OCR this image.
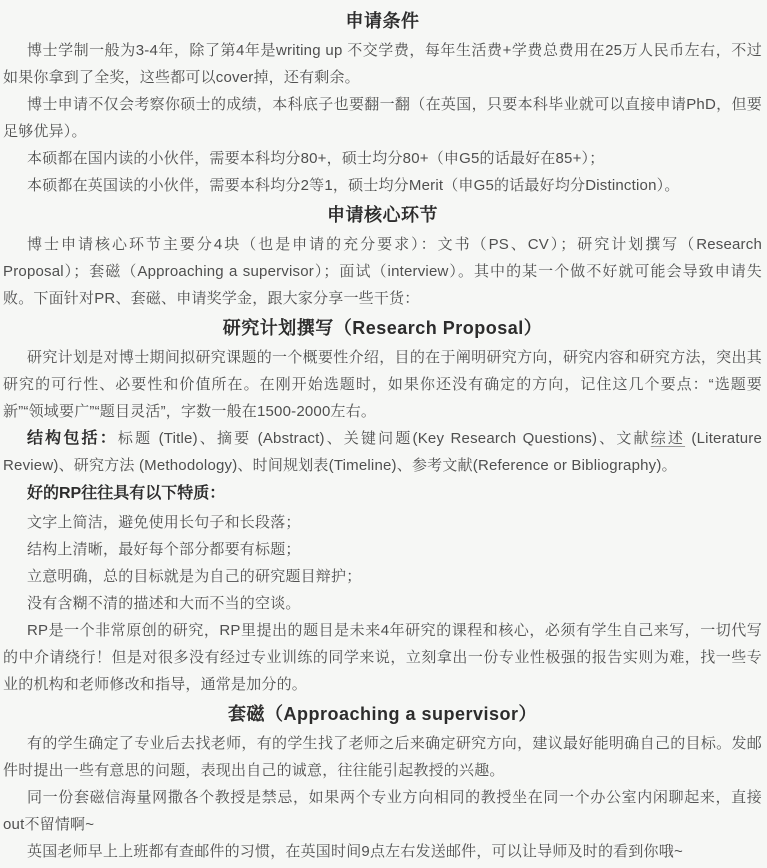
申请条件

博士学制一般为3-4年，除了第4年是writing up 不交学费，每年生活费+学费总费用在25万人民币左右，不过如果你拿到了全奖，这些都可以cover掉，还有剩余。

博士申请不仅会考察你硕士的成绩，本科底子也要翻一翻（在英国，只要本科毕业就可以直接申请PhD，但要足够优异）。

本硕都在国内读的小伙伴，需要本科均分80+，硕士均分80+（申G5的话最好在85+）；

本硕都在英国读的小伙伴，需要本科均分2等1，硕士均分Merit（申G5的话最好均分Distinction）。

申请核心环节

博士申请核心环节主要分4块（也是申请的充分要求）：文书（PS、CV）；研究计划撰写（Research Proposal）；套磁（Approaching a supervisor）；面试（interview）。其中的某一个做不好就可能会导致申请失败。下面针对PR、套磁、申请奖学金，跟大家分享一些干货：

研究计划撰写（Research Proposal）

研究计划是对博士期间拟研究课题的一个概要性介绍，目的在于阐明研究方向，研究内容和研究方法，突出其研究的可行性、必要性和价值所在。在刚开始选题时，如果你还没有确定的方向，记住这几个要点：“选题要新”“领域要广”“题目灵活”，字数一般在1500-2000左右。

结构包括：标题 (Title)、摘要 (Abstract)、关键问题(Key Research Questions)、文献综述 (Literature Review)、研究方法 (Methodology)、时间规划表(Timeline)、参考文献(Reference or Bibliography)。

好的RP往往具有以下特质：

文字上简洁，避免使用长句子和长段落；

结构上清晰，最好每个部分都要有标题；

立意明确，总的目标就是为自己的研究题目辩护；

没有含糊不清的描述和大而不当的空谈。

RP是一个非常原创的研究，RP里提出的题目是未来4年研究的课程和核心，必须有学生自己来写，一切代写的中介请绕行！但是对很多没有经过专业训练的同学来说，立刻拿出一份专业性极强的报告实则为难，找一些专业的机构和老师修改和指导，通常是加分的。

套磁（Approaching a supervisor）

有的学生确定了专业后去找老师，有的学生找了老师之后来确定研究方向，建议最好能明确自己的目标。发邮件时提出一些有意思的问题，表现出自己的诚意，往往能引起教授的兴趣。

同一份套磁信海量网撒各个教授是禁忌，如果两个专业方向相同的教授坐在同一个办公室内闲聊起来，直接out不留情啊~

英国老师早上上班都有查邮件的习惯，在英国时间9点左右发送邮件，可以让导师及时的看到你哦~
